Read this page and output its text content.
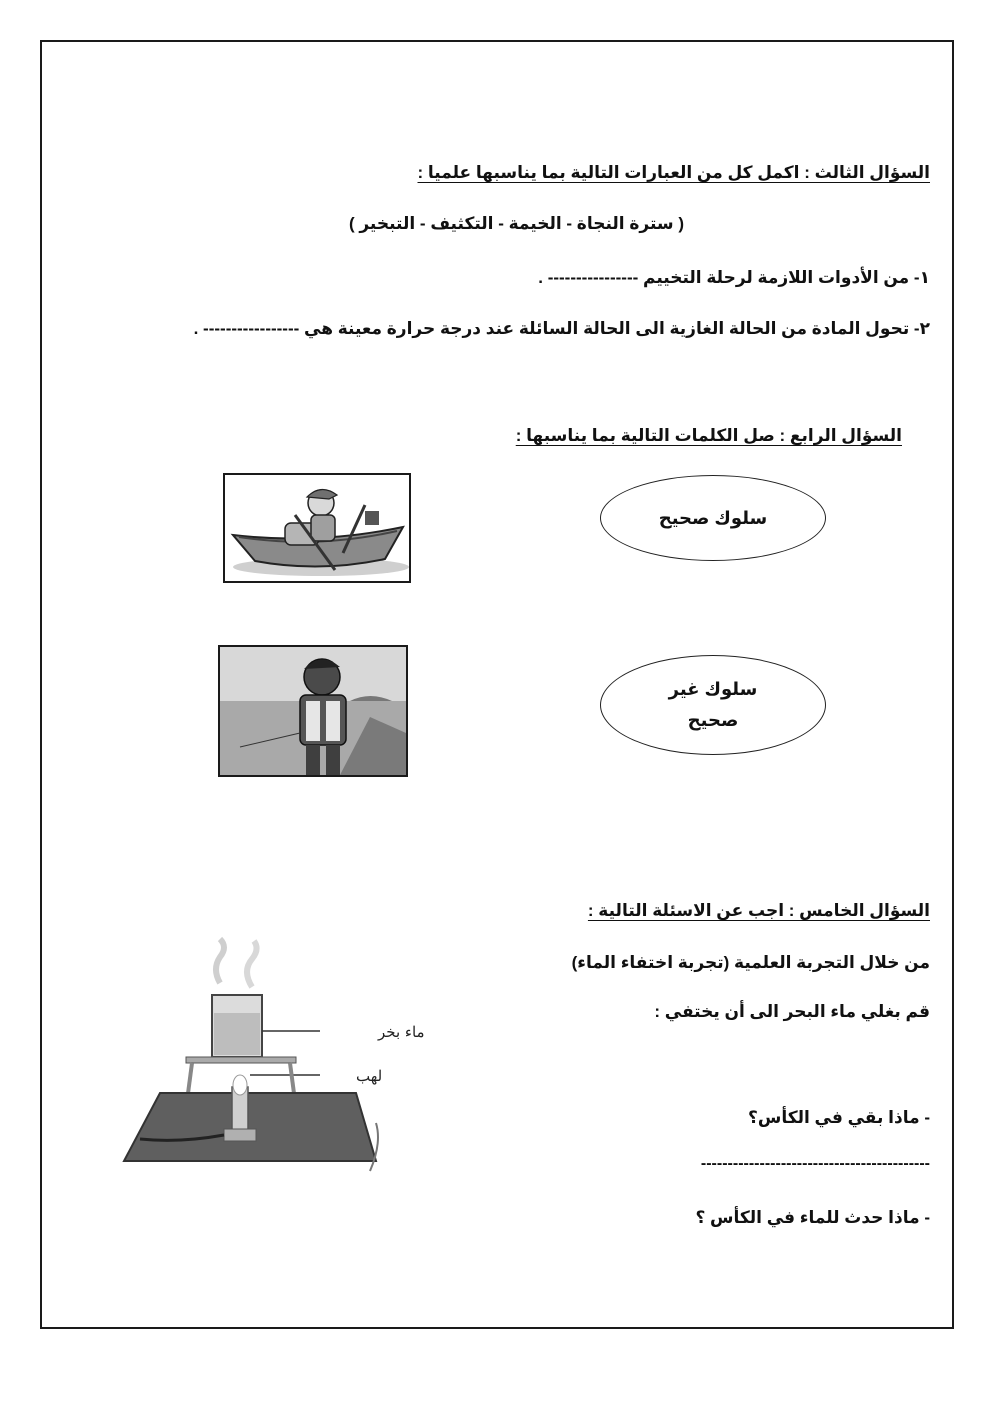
السؤال الثالث : اكمل كل من العبارات التالية بما يناسبها علميا :
( سترة النجاة - الخيمة - التكثيف - التبخير )
١- من الأدوات اللازمة لرحلة التخييم ---------------- .
٢- تحول المادة من الحالة الغازية الى الحالة السائلة عند درجة حرارة معينة هي ----------------- .
السؤال الرابع : صل الكلمات التالية بما يناسبها :
سلوك صحيح
سلوك غير
صحيح
السؤال الخامس : اجب عن الاسئلة التالية :
من خلال التجربة العلمية (تجربة اختفاء الماء)
قم بغلي ماء البحر الى أن يختفي :
- ماذا بقي في الكأس؟
-------------------------------------------
- ماذا حدث للماء في الكأس ؟
ماء بخر
لهب
